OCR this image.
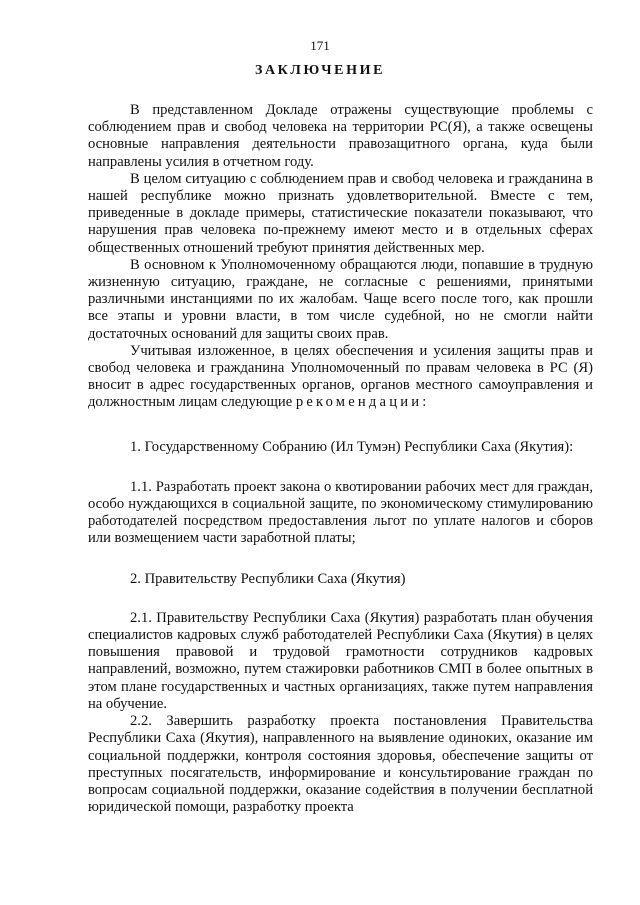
171
ЗАКЛЮЧЕНИЕ

В представленном Докладе отражены существующие проблемы с соблюдением прав и свобод человека на территории РС(Я), а также освещены основные направления деятельности правозащитного органа, куда были направлены усилия в отчетном году.

В целом ситуацию с соблюдением прав и свобод человека и гражданина в нашей республике можно признать удовлетворительной. Вместе с тем, приведенные в докладе примеры, статистические показатели показывают, что нарушения прав человека по-прежнему имеют место и в отдельных сферах общественных отношений требуют принятия действенных мер.

В основном к Уполномоченному обращаются люди, попавшие в трудную жизненную ситуацию, граждане, не согласные с решениями, принятыми различными инстанциями по их жалобам. Чаще всего после того, как прошли все этапы и уровни власти, в том числе судебной, но не смогли найти достаточных оснований для защиты своих прав.

Учитывая изложенное, в целях обеспечения и усиления защиты прав и свобод человека и гражданина Уполномоченный по правам человека в РС (Я) вносит в адрес государственных органов, органов местного самоуправления и должностным лицам следующие рекомендации:

1. Государственному Собранию (Ил Тумэн) Республики Саха (Якутия):

1.1. Разработать проект закона о квотировании рабочих мест для граждан, особо нуждающихся в социальной защите, по экономическому стимулированию работодателей посредством предоставления льгот по уплате налогов и сборов или возмещением части заработной платы;

2. Правительству Республики Саха (Якутия)

2.1. Правительству Республики Саха (Якутия) разработать план обучения специалистов кадровых служб работодателей Республики Саха (Якутия) в целях повышения правовой и трудовой грамотности сотрудников кадровых направлений, возможно, путем стажировки работников СМП в более опытных в этом плане государственных и частных организациях, также путем направления на обучение.

2.2. Завершить разработку проекта постановления Правительства Республики Саха (Якутия), направленного на выявление одиноких, оказание им социальной поддержки, контроля состояния здоровья, обеспечение защиты от преступных посягательств, информирование и консультирование граждан по вопросам социальной поддержки, оказание содействия в получении бесплатной юридической помощи, разработку проекта
